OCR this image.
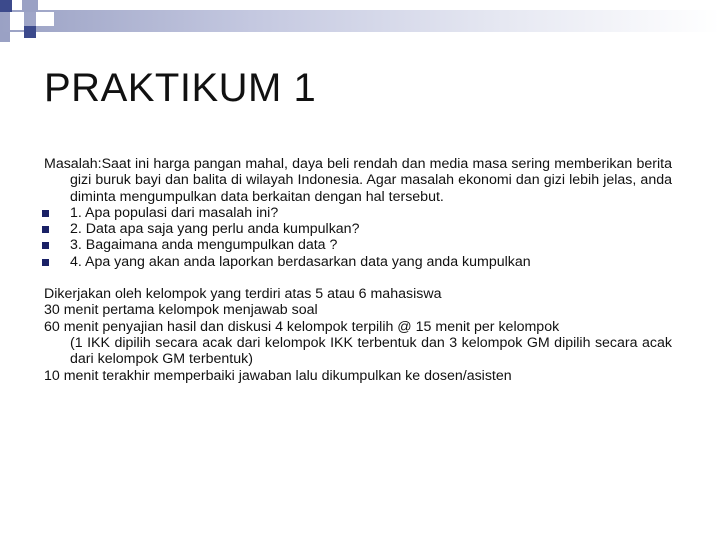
PRAKTIKUM 1

Masalah:Saat ini harga pangan mahal, daya beli rendah dan media masa sering memberikan berita gizi buruk bayi dan balita di wilayah Indonesia. Agar masalah ekonomi dan gizi lebih jelas, anda diminta mengumpulkan data berkaitan dengan hal tersebut.

1. Apa populasi dari masalah ini?
2. Data apa saja yang perlu anda kumpulkan?
3. Bagaimana anda mengumpulkan data ?
4. Apa yang akan anda laporkan berdasarkan data yang anda kumpulkan

Dikerjakan oleh kelompok yang terdiri atas 5 atau 6 mahasiswa

30 menit pertama kelompok menjawab soal

60 menit penyajian hasil dan diskusi 4 kelompok terpilih @ 15 menit per kelompok

(1 IKK dipilih secara acak dari kelompok IKK terbentuk dan 3 kelompok GM dipilih secara acak dari kelompok GM terbentuk)

10 menit terakhir memperbaiki jawaban lalu dikumpulkan ke dosen/asisten
